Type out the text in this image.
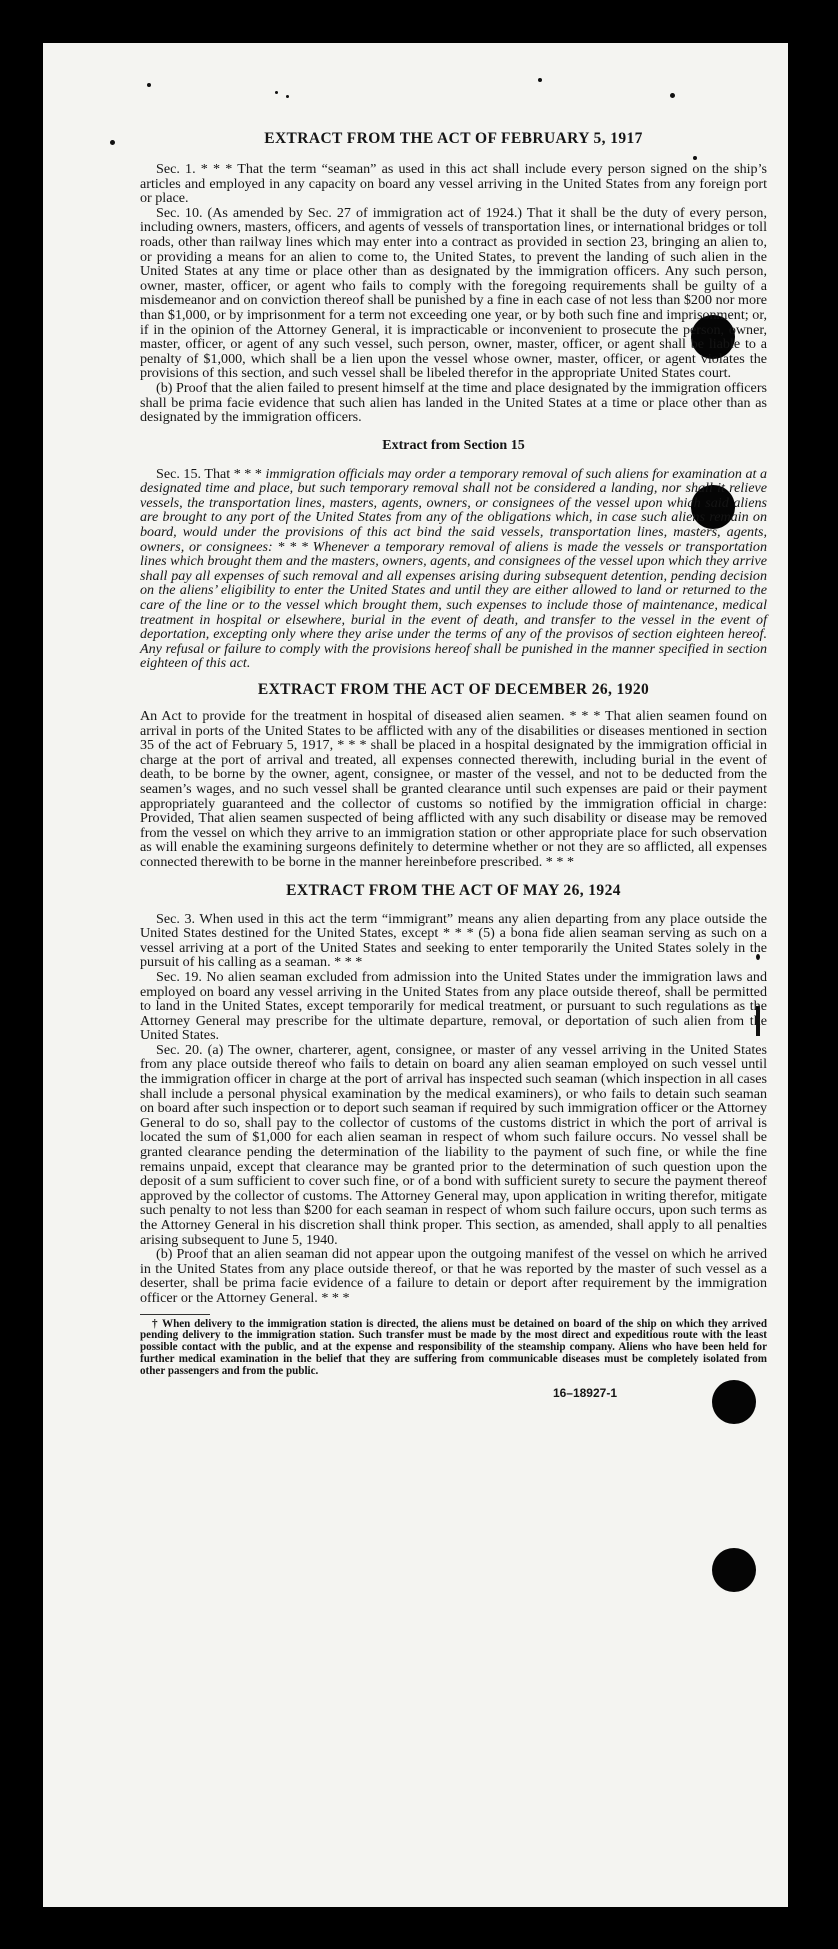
EXTRACT FROM THE ACT OF FEBRUARY 5, 1917

Sec. 1. * * * That the term “seaman” as used in this act shall include every person signed on the ship’s articles and employed in any capacity on board any vessel arriving in the United States from any foreign port or place.

Sec. 10. (As amended by Sec. 27 of immigration act of 1924.) That it shall be the duty of every person, including owners, masters, officers, and agents of vessels of transportation lines, or international bridges or toll roads, other than railway lines which may enter into a contract as provided in section 23, bringing an alien to, or providing a means for an alien to come to, the United States, to prevent the landing of such alien in the United States at any time or place other than as designated by the immigration officers. Any such person, owner, master, officer, or agent who fails to comply with the foregoing requirements shall be guilty of a misdemeanor and on conviction thereof shall be punished by a fine in each case of not less than $200 nor more than $1,000, or by imprisonment for a term not exceeding one year, or by both such fine and imprisonment; or, if in the opinion of the Attorney General, it is impracticable or inconvenient to prosecute the person, owner, master, officer, or agent of any such vessel, such person, owner, master, officer, or agent shall be liable to a penalty of $1,000, which shall be a lien upon the vessel whose owner, master, officer, or agent violates the provisions of this section, and such vessel shall be libeled therefor in the appropriate United States court.

(b) Proof that the alien failed to present himself at the time and place designated by the immigration officers shall be prima facie evidence that such alien has landed in the United States at a time or place other than as designated by the immigration officers.

Extract from Section 15

Sec. 15. That * * * immigration officials may order a temporary removal of such aliens for examination at a designated time and place, but such temporary removal shall not be considered a landing, nor shall it relieve vessels, the transportation lines, masters, agents, owners, or consignees of the vessel upon which said aliens are brought to any port of the United States from any of the obligations which, in case such aliens remain on board, would under the provisions of this act bind the said vessels, transportation lines, masters, agents, owners, or consignees: * * * Whenever a temporary removal of aliens is made the vessels or transportation lines which brought them and the masters, owners, agents, and consignees of the vessel upon which they arrive shall pay all expenses of such removal and all expenses arising during subsequent detention, pending decision on the aliens’ eligibility to enter the United States and until they are either allowed to land or returned to the care of the line or to the vessel which brought them, such expenses to include those of maintenance, medical treatment in hospital or elsewhere, burial in the event of death, and transfer to the vessel in the event of deportation, excepting only where they arise under the terms of any of the provisos of section eighteen hereof. Any refusal or failure to comply with the provisions hereof shall be punished in the manner specified in section eighteen of this act.

EXTRACT FROM THE ACT OF DECEMBER 26, 1920

An Act to provide for the treatment in hospital of diseased alien seamen. * * * That alien seamen found on arrival in ports of the United States to be afflicted with any of the disabilities or diseases mentioned in section 35 of the act of February 5, 1917, * * * shall be placed in a hospital designated by the immigration official in charge at the port of arrival and treated, all expenses connected therewith, including burial in the event of death, to be borne by the owner, agent, consignee, or master of the vessel, and not to be deducted from the seamen’s wages, and no such vessel shall be granted clearance until such expenses are paid or their payment appropriately guaranteed and the collector of customs so notified by the immigration official in charge: Provided, That alien seamen suspected of being afflicted with any such disability or disease may be removed from the vessel on which they arrive to an immigration station or other appropriate place for such observation as will enable the examining surgeons definitely to determine whether or not they are so afflicted, all expenses connected therewith to be borne in the manner hereinbefore prescribed. * * *

EXTRACT FROM THE ACT OF MAY 26, 1924

Sec. 3. When used in this act the term “immigrant” means any alien departing from any place outside the United States destined for the United States, except * * * (5) a bona fide alien seaman serving as such on a vessel arriving at a port of the United States and seeking to enter temporarily the United States solely in the pursuit of his calling as a seaman. * * *

Sec. 19. No alien seaman excluded from admission into the United States under the immigration laws and employed on board any vessel arriving in the United States from any place outside thereof, shall be permitted to land in the United States, except temporarily for medical treatment, or pursuant to such regulations as the Attorney General may prescribe for the ultimate departure, removal, or deportation of such alien from the United States.

Sec. 20. (a) The owner, charterer, agent, consignee, or master of any vessel arriving in the United States from any place outside thereof who fails to detain on board any alien seaman employed on such vessel until the immigration officer in charge at the port of arrival has inspected such seaman (which inspection in all cases shall include a personal physical examination by the medical examiners), or who fails to detain such seaman on board after such inspection or to deport such seaman if required by such immigration officer or the Attorney General to do so, shall pay to the collector of customs of the customs district in which the port of arrival is located the sum of $1,000 for each alien seaman in respect of whom such failure occurs. No vessel shall be granted clearance pending the determination of the liability to the payment of such fine, or while the fine remains unpaid, except that clearance may be granted prior to the determination of such question upon the deposit of a sum sufficient to cover such fine, or of a bond with sufficient surety to secure the payment thereof approved by the collector of customs. The Attorney General may, upon application in writing therefor, mitigate such penalty to not less than $200 for each seaman in respect of whom such failure occurs, upon such terms as the Attorney General in his discretion shall think proper. This section, as amended, shall apply to all penalties arising subsequent to June 5, 1940.

(b) Proof that an alien seaman did not appear upon the outgoing manifest of the vessel on which he arrived in the United States from any place outside thereof, or that he was reported by the master of such vessel as a deserter, shall be prima facie evidence of a failure to detain or deport after requirement by the immigration officer or the Attorney General. * * *

† When delivery to the immigration station is directed, the aliens must be detained on board of the ship on which they arrived pending delivery to the immigration station. Such transfer must be made by the most direct and expeditious route with the least possible contact with the public, and at the expense and responsibility of the steamship company. Aliens who have been held for further medical examination in the belief that they are suffering from communicable diseases must be completely isolated from other passengers and from the public.

16–18927-1
